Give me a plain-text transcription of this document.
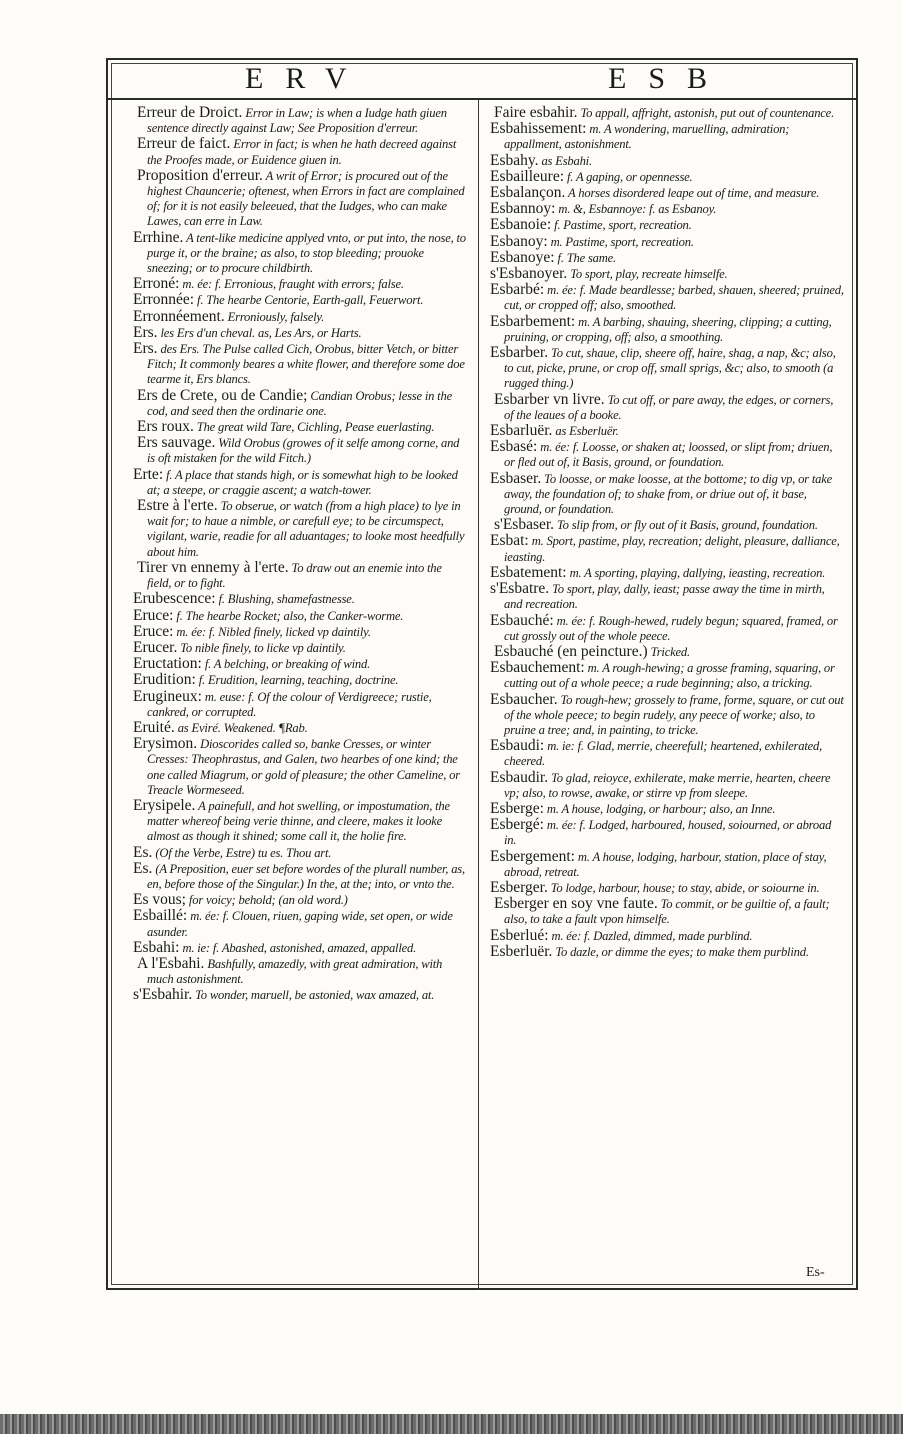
ERV	ESB

Erreur de Droict. Error in Law; is when a Iudge hath giuen sentence directly against Law; See Proposition d'erreur.

Erreur de faict. Error in fact; is when he hath decreed against the Proofes made, or Euidence giuen in.

Proposition d'erreur. A writ of Error; is procured out of the highest Chauncerie; oftenest, when Errors in fact are complained of; for it is not easily beleeued, that the Iudges, who can make Lawes, can erre in Law.

Errhine. A tent-like medicine applyed vnto, or put into, the nose, to purge it, or the braine; as also, to stop bleeding; prouoke sneezing; or to procure childbirth.

Erroné: m. ée: f. Erronious, fraught with errors; false.

Erronnée: f. The hearbe Centorie, Earth-gall, Feuerwort.

Erronnéement. Erroniously, falsely.

Ers. les Ers d'un cheval. as, Les Ars, or Harts.

Ers. des Ers. The Pulse called Cich, Orobus, bitter Vetch, or bitter Fitch; It commonly beares a white flower, and therefore some doe tearme it, Ers blancs.

Ers de Crete, ou de Candie; Candian Orobus; lesse in the cod, and seed then the ordinarie one.

Ers roux. The great wild Tare, Cichling, Pease euerlasting.

Ers sauvage. Wild Orobus (growes of it selfe among corne, and is oft mistaken for the wild Fitch.)

Erte: f. A place that stands high, or is somewhat high to be looked at; a steepe, or craggie ascent; a watch-tower.

Estre à l'erte. To obserue, or watch (from a high place) to lye in wait for; to haue a nimble, or carefull eye; to be circumspect, vigilant, warie, readie for all aduantages; to looke most heedfully about him.

Tirer vn ennemy à l'erte. To draw out an enemie into the field, or to fight.

Erubescence: f. Blushing, shamefastnesse.

Eruce: f. The hearbe Rocket; also, the Canker-worme.

Eruce: m. ée: f. Nibled finely, licked vp daintily.

Erucer. To nible finely, to licke vp daintily.

Eructation: f. A belching, or breaking of wind.

Erudition: f. Erudition, learning, teaching, doctrine.

Erugineux: m. euse: f. Of the colour of Verdigreece; rustie, cankred, or corrupted.

Eruité. as Eviré. Weakened. ¶Rab.

Erysimon. Dioscorides called so, banke Cresses, or winter Cresses: Theophrastus, and Galen, two hearbes of one kind; the one called Miagrum, or gold of pleasure; the other Cameline, or Treacle Wormeseed.

Erysipele. A painefull, and hot swelling, or impostumation, the matter whereof being verie thinne, and cleere, makes it looke almost as though it shined; some call it, the holie fire.

Es. (Of the Verbe, Estre) tu es. Thou art.

Es. (A Preposition, euer set before wordes of the plurall number, as, en, before those of the Singular.) In the, at the; into, or vnto the.

Es vous; for voicy; behold; (an old word.)

Esbaillé: m. ée: f. Clouen, riuen, gaping wide, set open, or wide asunder.

Esbahi: m. ie: f. Abashed, astonished, amazed, appalled.

A l'Esbahi. Bashfully, amazedly, with great admiration, with much astonishment.

s'Esbahir. To wonder, maruell, be astonied, wax amazed, at.

Faire esbahir. To appall, affright, astonish, put out of countenance.

Esbahissement: m. A wondering, maruelling, admiration; appallment, astonishment.

Esbahy. as Esbahi.

Esbailleure: f. A gaping, or opennesse.

Esbalançon. A horses disordered leape out of time, and measure.

Esbannoy: m. &, Esbannoye: f. as Esbanoy.

Esbanoie: f. Pastime, sport, recreation.

Esbanoy: m. Pastime, sport, recreation.

Esbanoye: f. The same.

s'Esbanoyer. To sport, play, recreate himselfe.

Esbarbé: m. ée: f. Made beardlesse; barbed, shauen, sheered; pruined, cut, or cropped off; also, smoothed.

Esbarbement: m. A barbing, shauing, sheering, clipping; a cutting, pruining, or cropping, off; also, a smoothing.

Esbarber. To cut, shaue, clip, sheere off, haire, shag, a nap, &c; also, to cut, picke, prune, or crop off, small sprigs, &c; also, to smooth (a rugged thing.)

Esbarber vn livre. To cut off, or pare away, the edges, or corners, of the leaues of a booke.

Esbarluër. as Esberluër.

Esbasé: m. ée: f. Loosse, or shaken at; loossed, or slipt from; driuen, or fled out of, it Basis, ground, or foundation.

Esbaser. To loosse, or make loosse, at the bottome; to dig vp, or take away, the foundation of; to shake from, or driue out of, it base, ground, or foundation.

s'Esbaser. To slip from, or fly out of it Basis, ground, foundation.

Esbat: m. Sport, pastime, play, recreation; delight, pleasure, dalliance, ieasting.

Esbatement: m. A sporting, playing, dallying, ieasting, recreation.

s'Esbatre. To sport, play, dally, ieast; passe away the time in mirth, and recreation.

Esbauché: m. ée: f. Rough-hewed, rudely begun; squared, framed, or cut grossly out of the whole peece.

Esbauché (en peincture.) Tricked.

Esbauchement: m. A rough-hewing; a grosse framing, squaring, or cutting out of a whole peece; a rude beginning; also, a tricking.

Esbaucher. To rough-hew; grossely to frame, forme, square, or cut out of the whole peece; to begin rudely, any peece of worke; also, to pruine a tree; and, in painting, to tricke.

Esbaudi: m. ie: f. Glad, merrie, cheerefull; heartened, exhilerated, cheered.

Esbaudir. To glad, reioyce, exhilerate, make merrie, hearten, cheere vp; also, to rowse, awake, or stirre vp from sleepe.

Esberge: m. A house, lodging, or harbour; also, an Inne.

Esbergé: m. ée: f. Lodged, harboured, housed, soiourned, or abroad in.

Esbergement: m. A house, lodging, harbour, station, place of stay, abroad, retreat.

Esberger. To lodge, harbour, house; to stay, abide, or soiourne in.

Esberger en soy vne faute. To commit, or be guiltie of, a fault; also, to take a fault vpon himselfe.

Esberlué: m. ée: f. Dazled, dimmed, made purblind.

Esberluër. To dazle, or dimme the eyes; to make them purblind.

Es-
